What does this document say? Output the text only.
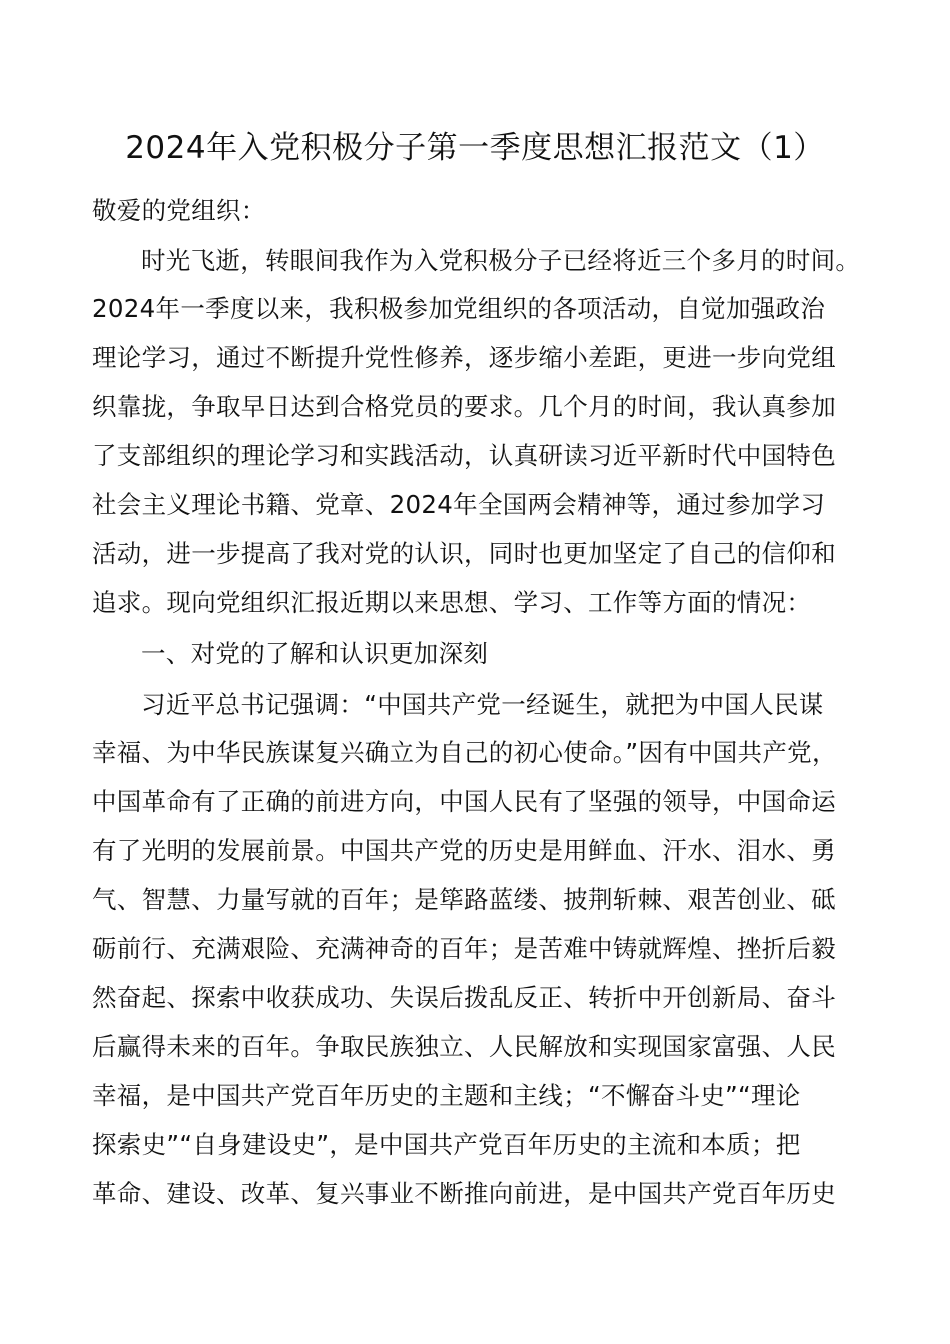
2024年入党积极分子第一季度思想汇报范文（1）
敬爱的党组织：
时光飞逝，转眼间我作为入党积极分子已经将近三个多月的时间。
2024年一季度以来，我积极参加党组织的各项活动，自觉加强政治
理论学习，通过不断提升党性修养，逐步缩小差距，更进一步向党组
织靠拢，争取早日达到合格党员的要求。几个月的时间，我认真参加
了支部组织的理论学习和实践活动，认真研读习近平新时代中国特色
社会主义理论书籍、党章、2024年全国两会精神等，通过参加学习
活动，进一步提高了我对党的认识，同时也更加坚定了自己的信仰和
追求。现向党组织汇报近期以来思想、学习、工作等方面的情况：
一、对党的了解和认识更加深刻
习近平总书记强调：“中国共产党一经诞生，就把为中国人民谋
幸福、为中华民族谋复兴确立为自己的初心使命。”因有中国共产党，
中国革命有了正确的前进方向，中国人民有了坚强的领导，中国命运
有了光明的发展前景。中国共产党的历史是用鲜血、汗水、泪水、勇
气、智慧、力量写就的百年；是筚路蓝缕、披荆斩棘、艰苦创业、砥
砺前行、充满艰险、充满神奇的百年；是苦难中铸就辉煌、挫折后毅
然奋起、探索中收获成功、失误后拨乱反正、转折中开创新局、奋斗
后赢得未来的百年。争取民族独立、人民解放和实现国家富强、人民
幸福，是中国共产党百年历史的主题和主线；“不懈奋斗史”“理论
探索史”“自身建设史”，是中国共产党百年历史的主流和本质；把
革命、建设、改革、复兴事业不断推向前进，是中国共产党百年历史
